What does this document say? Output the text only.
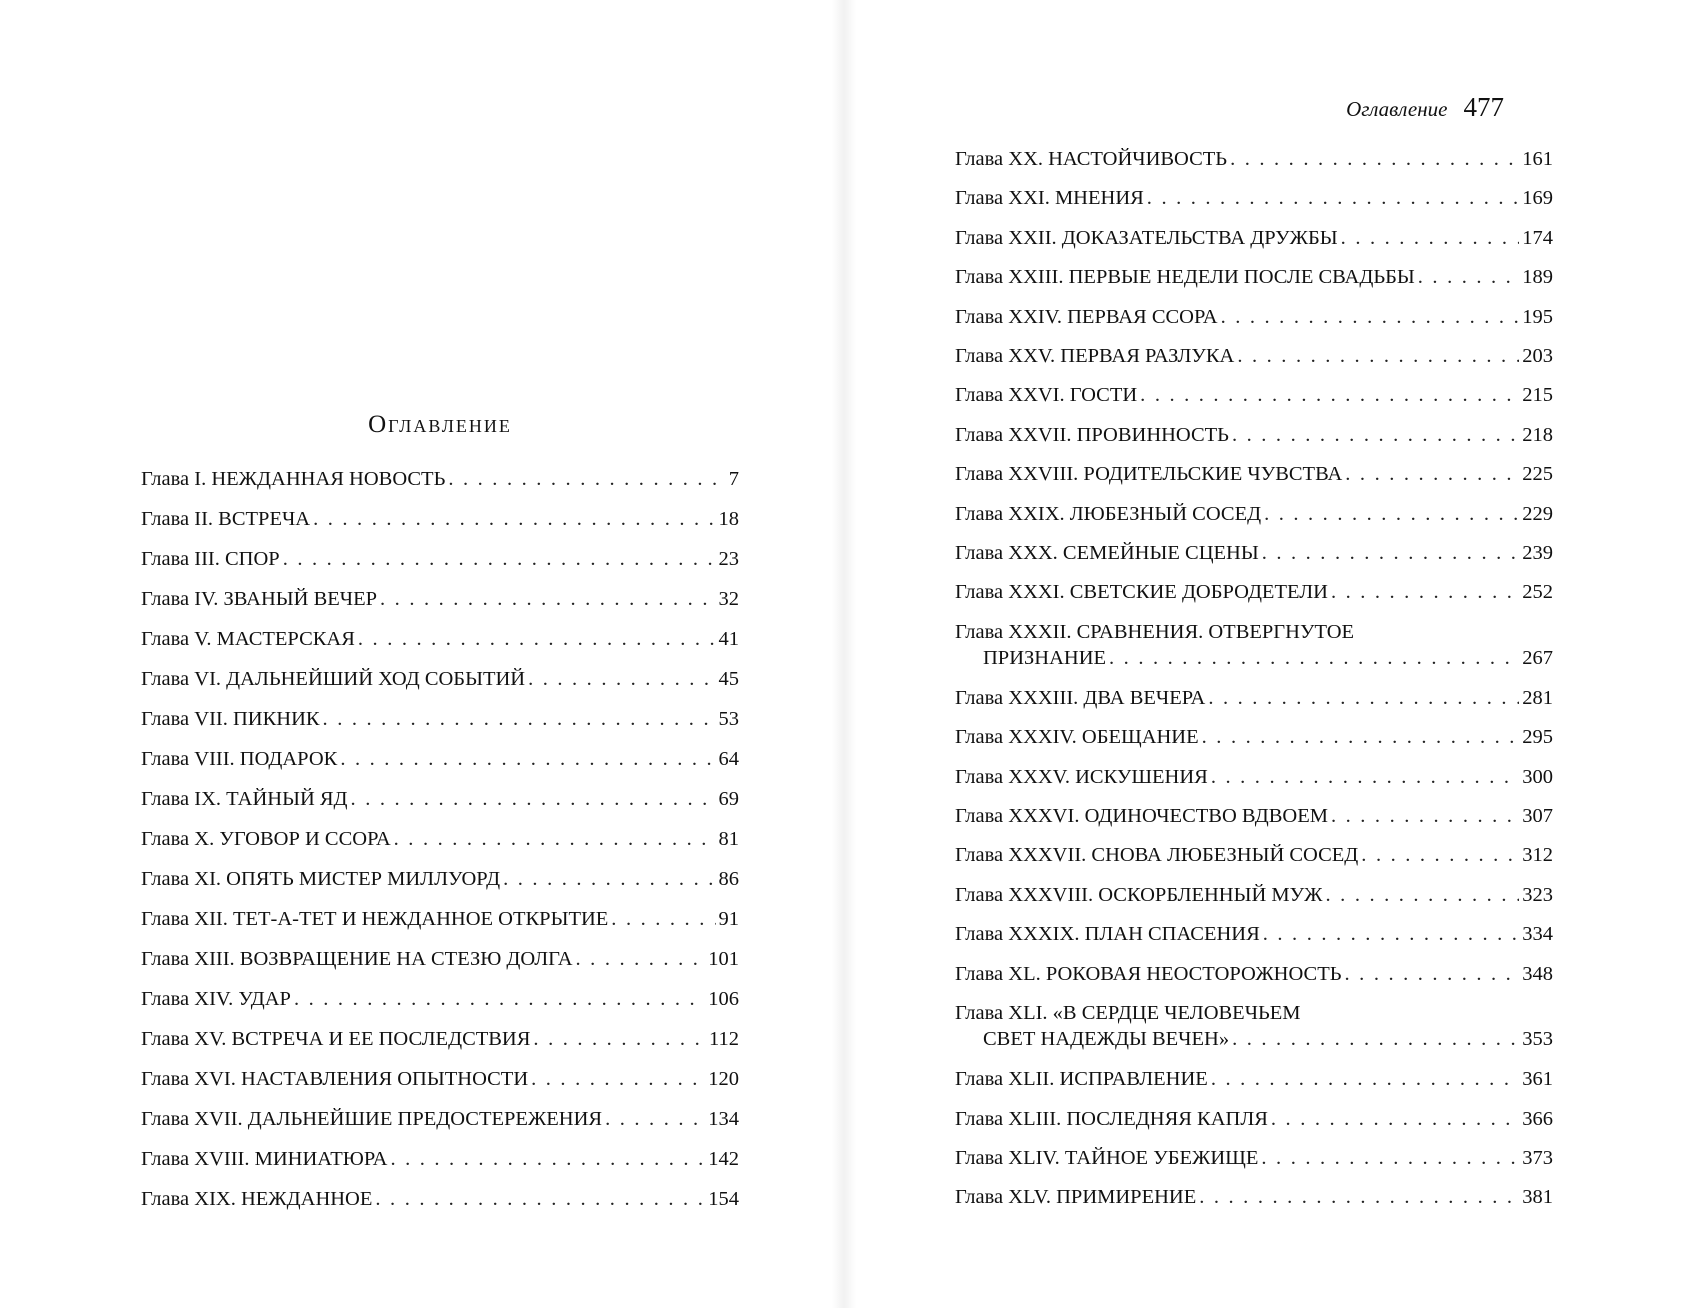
Оглавление
Глава I. НЕЖДАННАЯ НОВОСТЬ . . .	7
Глава II. ВСТРЕЧА . . .	18
Глава III. СПОР . . .	23
Глава IV. ЗВАНЫЙ ВЕЧЕР . . .	32
Глава V. МАСТЕРСКАЯ . . .	41
Глава VI. ДАЛЬНЕЙШИЙ ХОД СОБЫТИЙ . . .	45
Глава VII. ПИКНИК . . .	53
Глава VIII. ПОДАРОК . . .	64
Глава IX. ТАЙНЫЙ ЯД . . .	69
Глава X. УГОВОР И ССОРА . . .	81
Глава XI. ОПЯТЬ МИСТЕР МИЛЛУОРД . . .	86
Глава XII. ТЕТ-А-ТЕТ И НЕЖДАННОЕ ОТКРЫТИЕ . . .	91
Глава XIII. ВОЗВРАЩЕНИЕ НА СТЕЗЮ ДОЛГА . . .	101
Глава XIV. УДАР . . .	106
Глава XV. ВСТРЕЧА И ЕЕ ПОСЛЕДСТВИЯ . . .	112
Глава XVI. НАСТАВЛЕНИЯ ОПЫТНОСТИ . . .	120
Глава XVII. ДАЛЬНЕЙШИЕ ПРЕДОСТЕРЕЖЕНИЯ . . .	134
Глава XVIII. МИНИАТЮРА . . .	142
Глава XIX. НЕЖДАННОЕ . . .	154
Оглавление 477
Глава XX. НАСТОЙЧИВОСТЬ . . .	161
Глава XXI. МНЕНИЯ . . .	169
Глава XXII. ДОКАЗАТЕЛЬСТВА ДРУЖБЫ . . .	174
Глава XXIII. ПЕРВЫЕ НЕДЕЛИ ПОСЛЕ СВАДЬБЫ . . .	189
Глава XXIV. ПЕРВАЯ ССОРА . . .	195
Глава XXV. ПЕРВАЯ РАЗЛУКА . . .	203
Глава XXVI. ГОСТИ . . .	215
Глава XXVII. ПРОВИННОСТЬ . . .	218
Глава XXVIII. РОДИТЕЛЬСКИЕ ЧУВСТВА . . .	225
Глава XXIX. ЛЮБЕЗНЫЙ СОСЕД . . .	229
Глава XXX. СЕМЕЙНЫЕ СЦЕНЫ . . .	239
Глава XXXI. СВЕТСКИЕ ДОБРОДЕТЕЛИ . . .	252
Глава XXXII. СРАВНЕНИЯ. ОТВЕРГНУТОЕ
ПРИЗНАНИЕ . . .	267
Глава XXXIII. ДВА ВЕЧЕРА . . .	281
Глава XXXIV. ОБЕЩАНИЕ . . .	295
Глава XXXV. ИСКУШЕНИЯ . . .	300
Глава XXXVI. ОДИНОЧЕСТВО ВДВОЕМ . . .	307
Глава XXXVII. СНОВА ЛЮБЕЗНЫЙ СОСЕД . . .	312
Глава XXXVIII. ОСКОРБЛЕННЫЙ МУЖ . . .	323
Глава XXXIX. ПЛАН СПАСЕНИЯ . . .	334
Глава XL. РОКОВАЯ НЕОСТОРОЖНОСТЬ . . .	348
Глава XLI. «В СЕРДЦЕ ЧЕЛОВЕЧЬЕМ
СВЕТ НАДЕЖДЫ ВЕЧЕН» . . .	353
Глава XLII. ИСПРАВЛЕНИЕ . . .	361
Глава XLIII. ПОСЛЕДНЯЯ КАПЛЯ . . .	366
Глава XLIV. ТАЙНОЕ УБЕЖИЩЕ . . .	373
Глава XLV. ПРИМИРЕНИЕ . . .	381
